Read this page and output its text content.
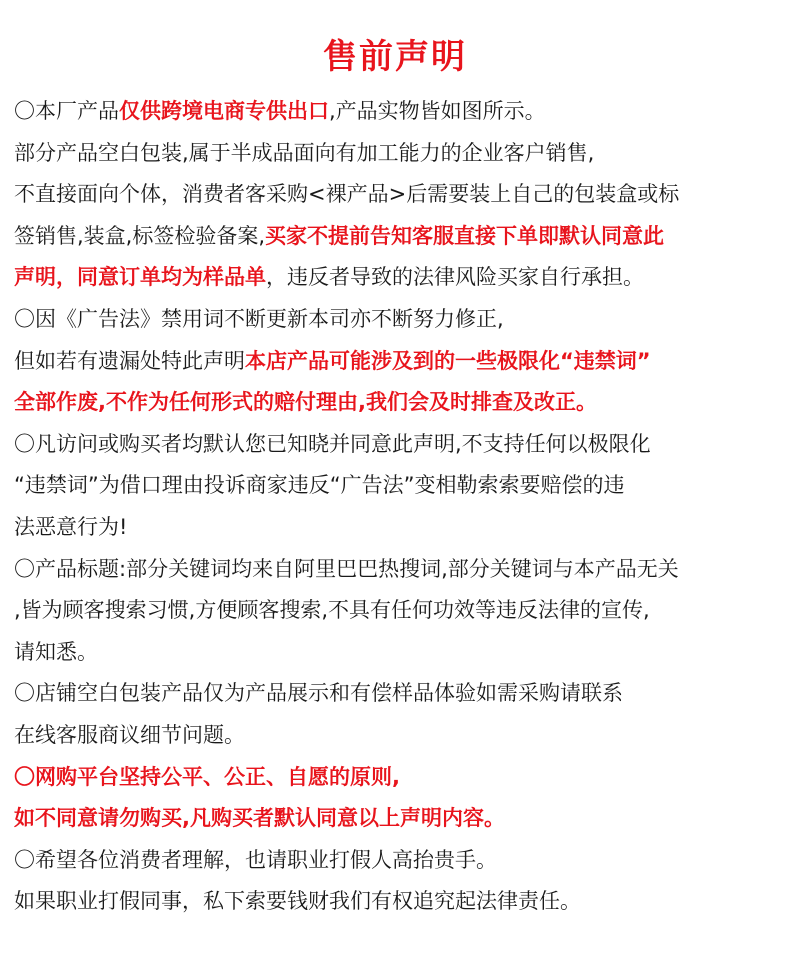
售前声明
〇本厂产品仅供跨境电商专供出口,产品实物皆如图所示。
部分产品空白包装,属于半成品面向有加工能力的企业客户销售,
不直接面向个体，消费者客采购<裸产品>后需要装上自己的包装盒或标
签销售,装盒,标签检验备案,买家不提前告知客服直接下单即默认同意此
声明，同意订单均为样品单，违反者导致的法律风险买家自行承担。
〇因《广告法》禁用词不断更新本司亦不断努力修正,
但如若有遗漏处特此声明本店产品可能涉及到的一些极限化“违禁词”
全部作废,不作为任何形式的赔付理由,我们会及时排查及改正。
〇凡访问或购买者均默认您已知晓并同意此声明,不支持任何以极限化
“违禁词”为借口理由投诉商家违反“广告法”变相勒索索要赔偿的违
法恶意行为!
〇产品标题:部分关键词均来自阿里巴巴热搜词,部分关键词与本产品无关
,皆为顾客搜索习惯,方便顾客搜索,不具有任何功效等违反法律的宣传,
请知悉。
〇店铺空白包装产品仅为产品展示和有偿样品体验如需采购请联系
在线客服商议细节问题。
〇网购平台坚持公平、公正、自愿的原则,
如不同意请勿购买,凡购买者默认同意以上声明内容。
〇希望各位消费者理解，也请职业打假人高抬贵手。
如果职业打假同事，私下索要钱财我们有权追究起法律责任。
